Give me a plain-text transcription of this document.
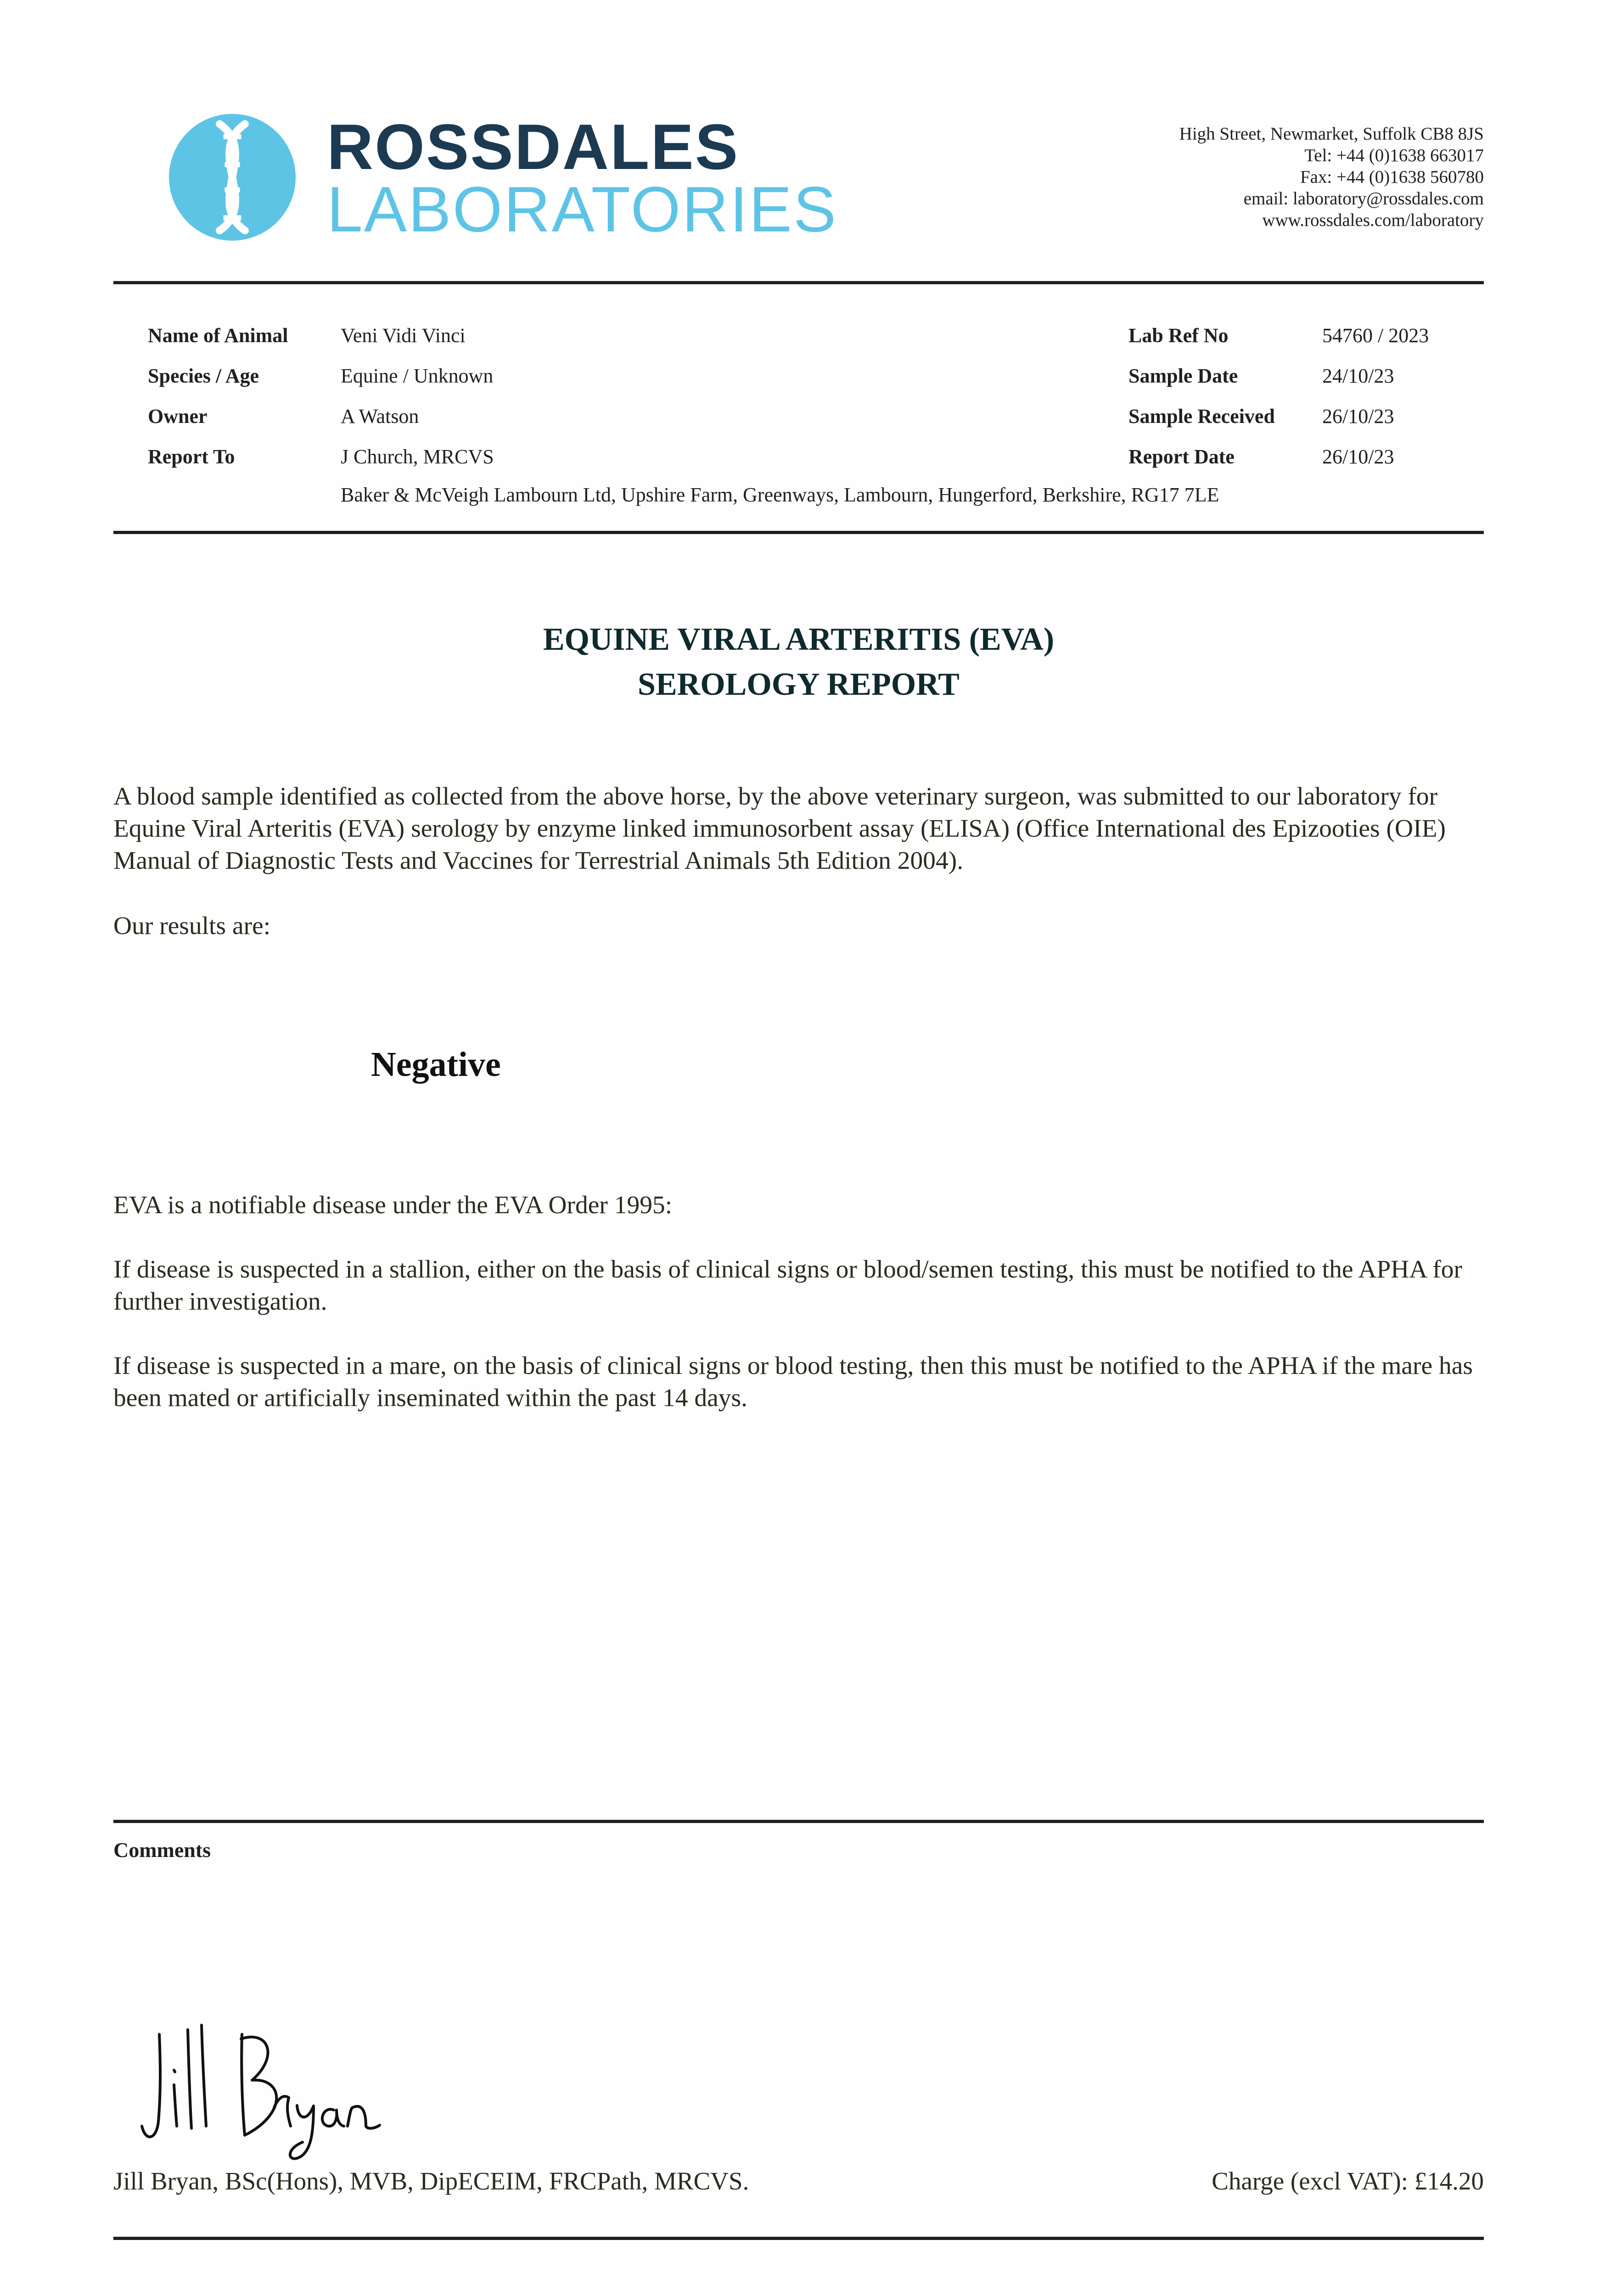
ROSSDALES
LABORATORIES
High Street, Newmarket, Suffolk CB8 8JS
Tel: +44 (0)1638 663017
Fax: +44 (0)1638 560780
email: laboratory@rossdales.com
www.rossdales.com/laboratory
Name of Animal	Veni Vidi Vinci
Species / Age	Equine / Unknown
Owner	A Watson
Report To	J Church, MRCVS
Baker & McVeigh Lambourn Ltd, Upshire Farm, Greenways, Lambourn, Hungerford, Berkshire, RG17 7LE
Lab Ref No	54760 / 2023
Sample Date	24/10/23
Sample Received 26/10/23
Report Date	26/10/23
EQUINE VIRAL ARTERITIS (EVA)
SEROLOGY REPORT
A blood sample identified as collected from the above horse, by the above veterinary surgeon, was submitted to our laboratory for Equine Viral Arteritis (EVA) serology by enzyme linked immunosorbent assay (ELISA) (Office International des Epizooties (OIE) Manual of Diagnostic Tests and Vaccines for Terrestrial Animals 5th Edition 2004).
Our results are:
Negative
EVA is a notifiable disease under the EVA Order 1995:
If disease is suspected in a stallion, either on the basis of clinical signs or blood/semen testing, this must be notified to the APHA for further investigation.
If disease is suspected in a mare, on the basis of clinical signs or blood testing, then this must be notified to the APHA if the mare has been mated or artificially inseminated within the past 14 days.
Comments
Jill Bryan, BSc(Hons), MVB, DipECEIM, FRCPath, MRCVS.	Charge (excl VAT): £14.20
